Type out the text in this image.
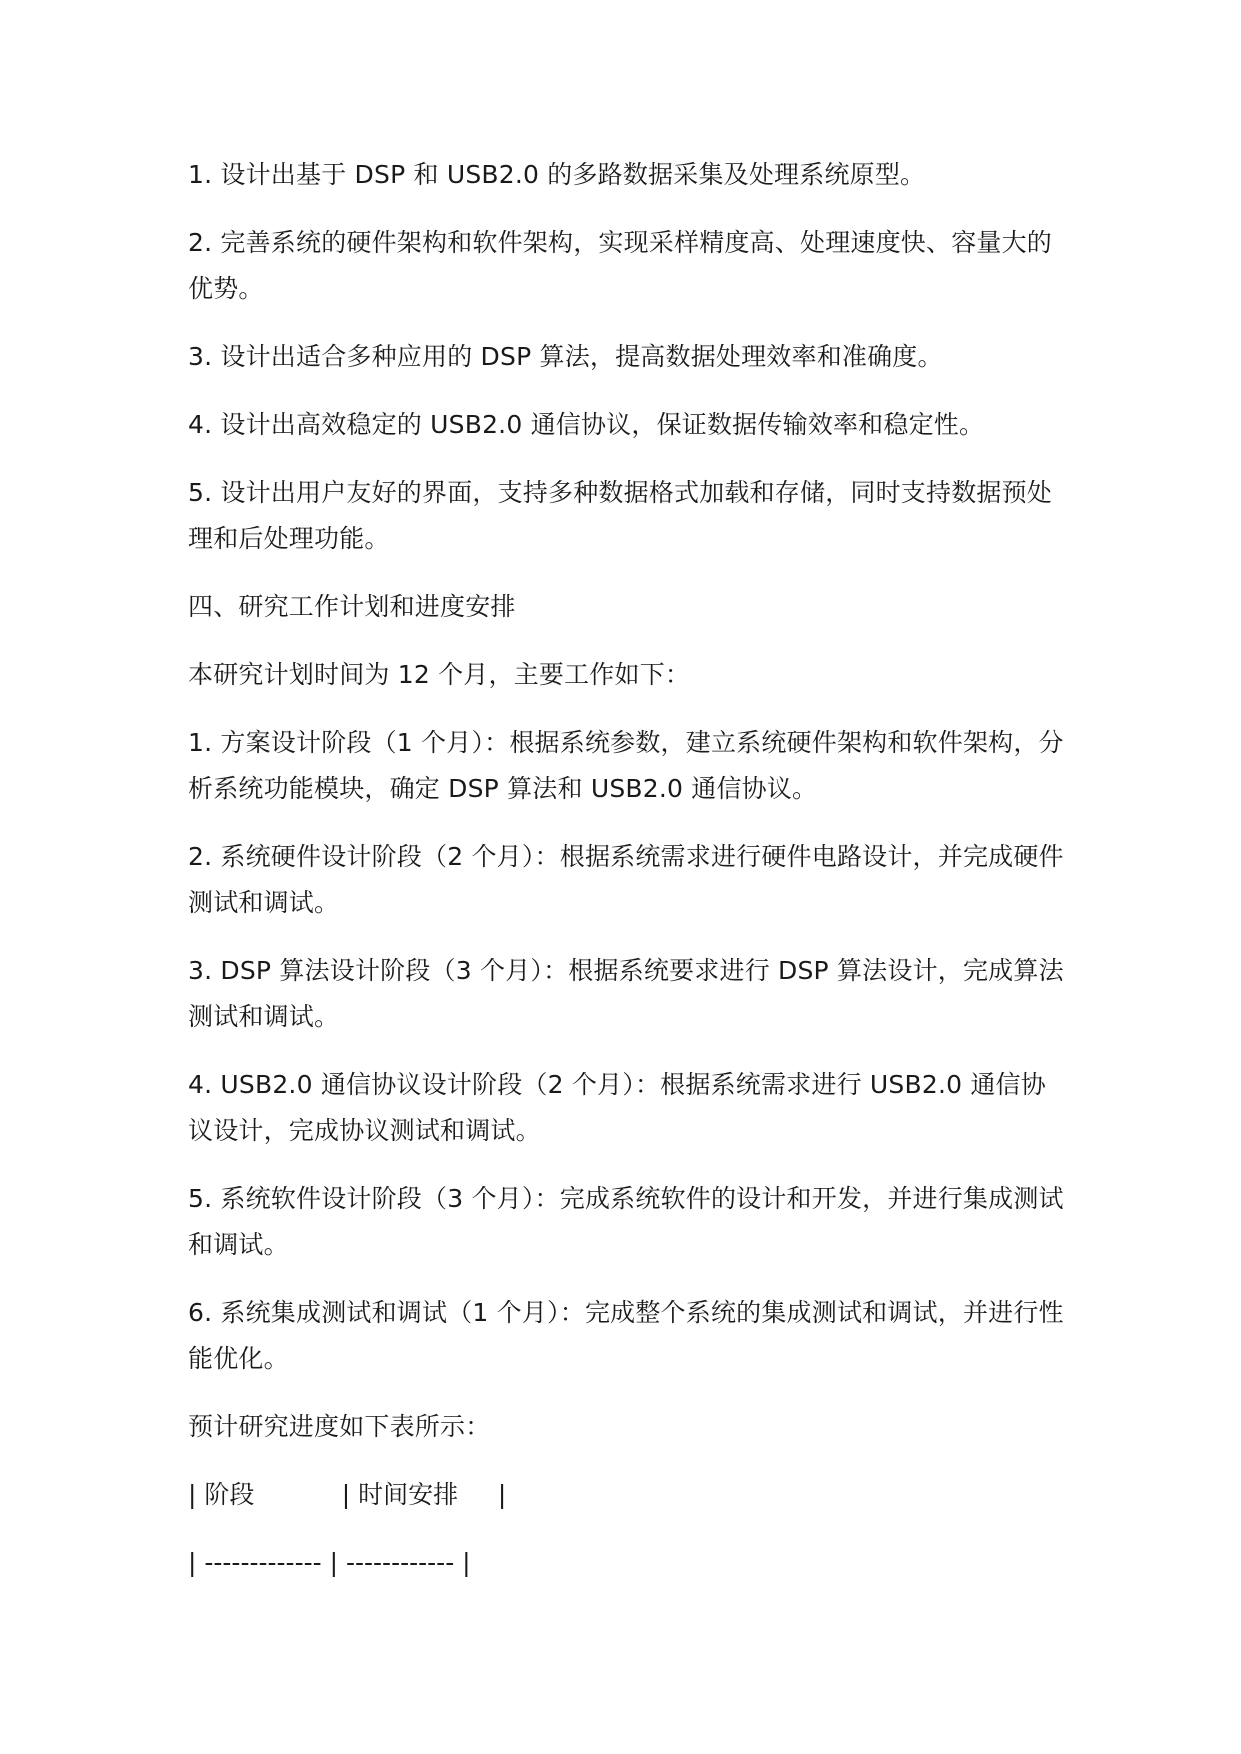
1. 设计出基于 DSP 和 USB2.0 的多路数据采集及处理系统原型。

2. 完善系统的硬件架构和软件架构，实现采样精度高、处理速度快、容量大的优势。

3. 设计出适合多种应用的 DSP 算法，提高数据处理效率和准确度。

4. 设计出高效稳定的 USB2.0 通信协议，保证数据传输效率和稳定性。

5. 设计出用户友好的界面，支持多种数据格式加载和存储，同时支持数据预处理和后处理功能。

四、研究工作计划和进度安排

本研究计划时间为 12 个月，主要工作如下：

1. 方案设计阶段（1 个月）：根据系统参数，建立系统硬件架构和软件架构，分析系统功能模块，确定 DSP 算法和 USB2.0 通信协议。

2. 系统硬件设计阶段（2 个月）：根据系统需求进行硬件电路设计，并完成硬件测试和调试。

3. DSP 算法设计阶段（3 个月）：根据系统要求进行 DSP 算法设计，完成算法测试和调试。

4. USB2.0 通信协议设计阶段（2 个月）：根据系统需求进行 USB2.0 通信协议设计，完成协议测试和调试。

5. 系统软件设计阶段（3 个月）：完成系统软件的设计和开发，并进行集成测试和调试。

6. 系统集成测试和调试（1 个月）：完成整个系统的集成测试和调试，并进行性能优化。

预计研究进度如下表所示：

| 阶段           | 时间安排     |
| ------------- | ------------ |
